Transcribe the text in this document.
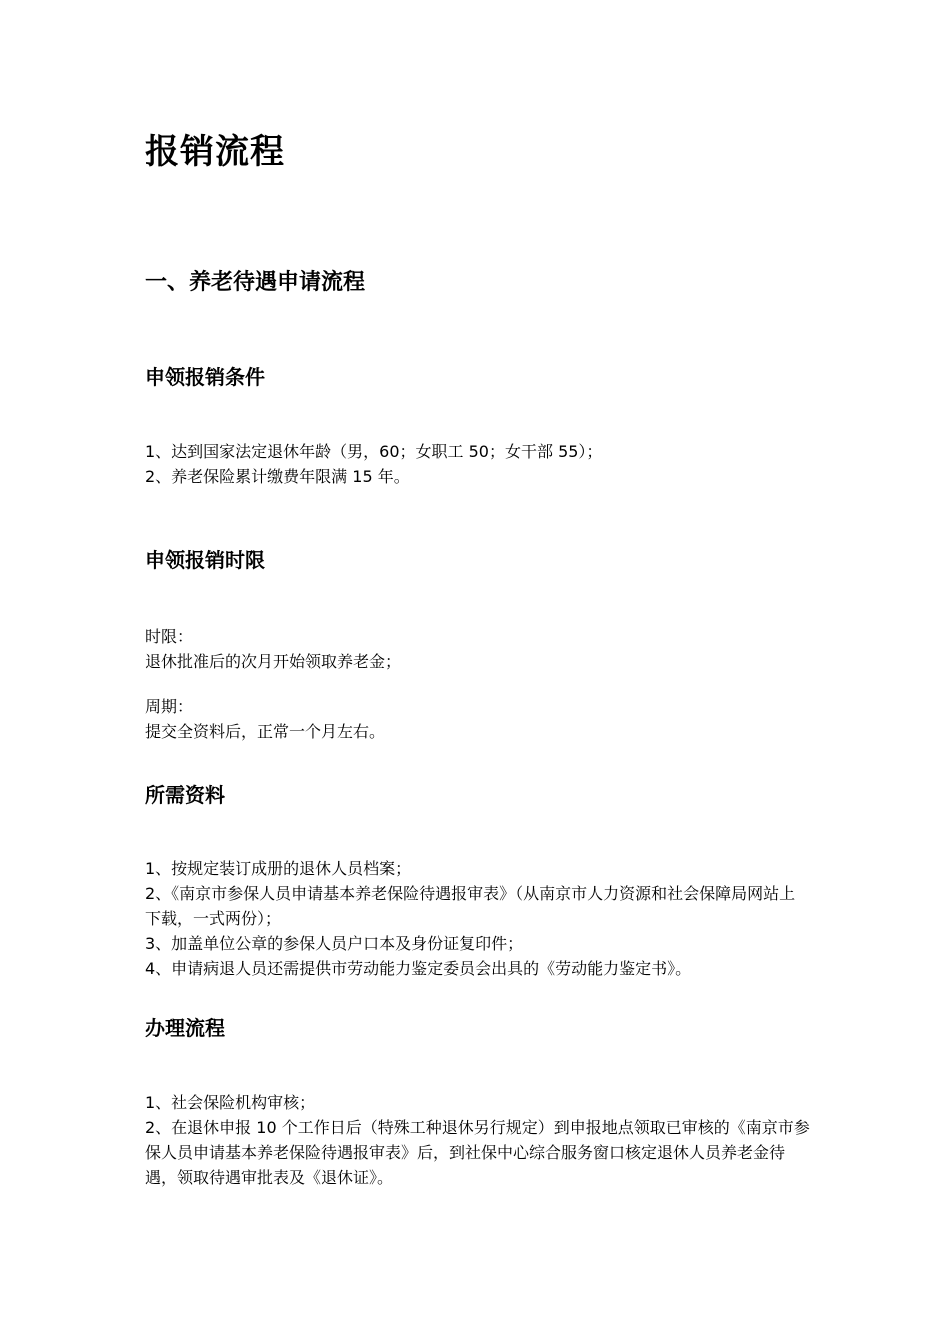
报销流程
一、养老待遇申请流程
申领报销条件

1、达到国家法定退休年龄（男，60；女职工 50；女干部 55）；

2、养老保险累计缴费年限满 15 年。

申领报销时限

时限：

退休批准后的次月开始领取养老金；

周期：

提交全资料后，正常一个月左右。

所需资料

1、按规定装订成册的退休人员档案；

2、《南京市参保人员申请基本养老保险待遇报审表》（从南京市人力资源和社会保障局网站上下载，一式两份）；

3、加盖单位公章的参保人员户口本及身份证复印件；

4、申请病退人员还需提供市劳动能力鉴定委员会出具的《劳动能力鉴定书》。

办理流程

1、社会保险机构审核；

2、在退休申报 10 个工作日后（特殊工种退休另行规定）到申报地点领取已审核的《南京市参保人员申请基本养老保险待遇报审表》后，到社保中心综合服务窗口核定退休人员养老金待遇，领取待遇审批表及《退休证》。
